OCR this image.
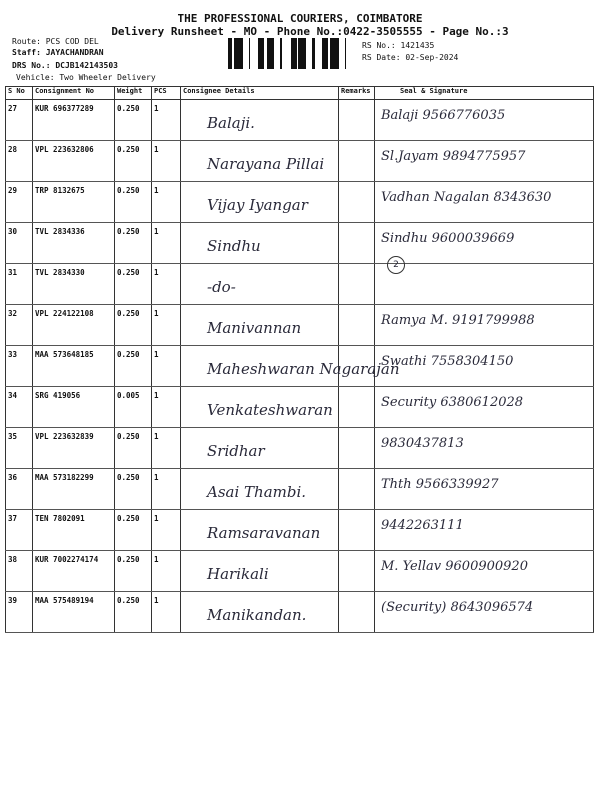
THE PROFESSIONAL COURIERS, COIMBATORE
Delivery Runsheet - MO - Phone No.:0422-3505555 - Page No.:3
Route: PCS COD DEL
Staff: JAYACHANDRAN
DRS No.: DCJB142143503
Vehicle: Two Wheeler Delivery
RS No.: 1421435
RS Date: 02-Sep-2024
S No	Consignment No	Weight	PCS	Consignee Details	Remarks	Seal & Signature
27	KUR 696377289	0.250	1	Balaji.		Balaji 9566776035

28	VPL 223632806	0.250	1	Narayana Pillai		Sl.Jayam 9894775957

29	TRP 8132675	0.250	1	Vijay Iyangar		Vadhan Nagalan 8343630

30	TVL 2834336	0.250	1	Sindhu		Sindhu 9600039669

31	TVL 2834330	0.250	1	-do-		2

32	VPL 224122108	0.250	1	Manivannan		Ramya M. 9191799988

33	MAA 573648185	0.250	1	Maheshwaran Nagarajan		Swathi 7558304150

34	SRG 419056	0.005	1	Venkateshwaran		Security 6380612028

35	VPL 223632839	0.250	1	Sridhar		9830437813

36	MAA 573182299	0.250	1	Asai Thambi.		Thth 9566339927

37	TEN 7802091	0.250	1	Ramsaravanan		9442263111

38	KUR 7002274174	0.250	1	Harikali		M. Yellav 9600900920

39	MAA 575489194	0.250	1	Manikandan.		(Security) 8643096574
